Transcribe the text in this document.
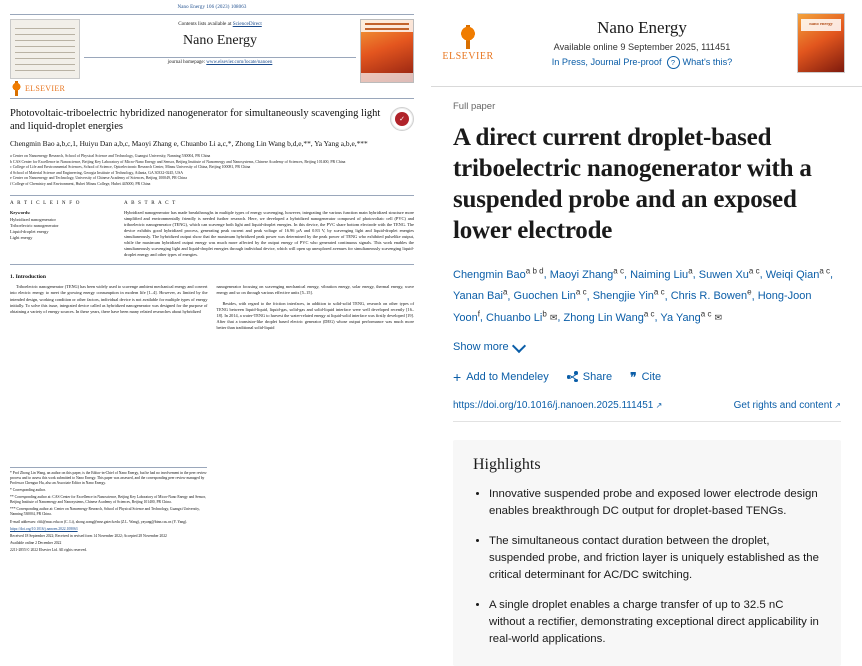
Nano Energy 106 (2023) 108063
ELSEVIER
Contents lists available at ScienceDirect
Nano Energy
journal homepage: www.elsevier.com/locate/nanoen
Photovoltaic-triboelectric hybridized nanogenerator for simultaneously scavenging light and liquid-droplet energies
✓
Chengmin Bao a,b,c,1, Huiyu Dan a,b,c, Maoyi Zhang e, Chuanbo Li a,c,*, Zhong Lin Wang b,d,e,**, Ya Yang a,b,e,***
a Center on Nanoenergy Research, School of Physical Science and Technology, Guangxi University, Nanning 530004, PR China
b CAS Center for Excellence in Nanoscience, Beijing Key Laboratory of Micro-Nano Energy and Sensor, Beijing Institute of Nanoenergy and Nanosystems, Chinese Academy of Sciences, Beijing 101400, PR China
c College of Life and Environmental Sciences, School of Science, Optoelectronic Research Center, Minzu University of China, Beijing 100081, PR China
d School of Material Science and Engineering, Georgia Institute of Technology, Atlanta, GA 30332-0245, USA
e Center on Nanoenergy and Technology, University of Chinese Academy of Sciences, Beijing 100049, PR China
f College of Chemistry and Environment, Hubei Minzu College, Hubei 445000, PR China
A R T I C L E I N F O
Keywords:
Hybridized nanogenerator
Triboelectric nanogenerator
Liquid-droplet energy
Light energy
A B S T R A C T
Hybridized nanogenerator has made breakthroughs in multiple types of energy scavenging, however, integrating the various function main hybridized structure more simplified and environmentally friendly is needed further research. Here, we developed a hybridized nanogenerator composed of photovoltaic cell (PVC) and triboelectric nanogenerator (TENG), which can scavenge both light and liquid-droplet energies. In this device, the PVC share bottom electrode with the TENG. The device exhibits good hybridized process, generating peak current and peak voltage of 16.96 µA and 0.83 V, by scavenging light and liquid-droplet energies simultaneously. The hybridized output show that the maximum hybridized peak power was determined by the peak power of TENG who exhibited pulselike output, while the maximum hybridized output energy was much more affected by the output energy of PVC who generated continuous signals. This work enables the simultaneously scavenging light and liquid-droplet energies through individual device, which will open up unexplored avenues for simultaneously scavenging liquid-droplet energy and other types of energies.
1. Introduction

Triboelectric nanogenerator (TENG) has been widely used to scavenge ambient mechanical energy and convert into electric energy to meet the growing energy consumption in modern life [1–4]. However, as limited by the intended design, working condition or other factors, individual device is not available for multiple types of energy initially. To solve this issue, integrated device called as hybridized nanogenerator was designed for the purpose of obtaining a variety of energy sources. In these years, there have been many related researches about hybridized

nanogenerator focusing on scavenging mechanical energy, vibration energy, solar energy, thermal energy, wave energy and so on through various effective units [5–15].

Besides, with regard to the friction interfaces, in addition to solid-solid TENG, research on other types of TENG between liquid-liquid, liquid-gas, solid-gas and solid-liquid interface were well developed recently [16–18]. In 2014, a water-TENG to harvest the water-related energy at liquid-solid interface was firstly developed [19]. After that a transistor-like droplet based electric generator (DEG) whose output performance was much more better than traditional solid-liquid

* Prof Zhong Lin Wang, an author on this paper, is the Editor-in-Chief of Nano Energy, but he had no involvement in the peer review process and to assess this work submitted to Nano Energy. This paper was assessed, and the corresponding peer review managed by Professor Chenguo Hu, also an Associate Editor in Nano Energy.
* Corresponding author.
** Corresponding author at: CAS Center for Excellence in Nanoscience, Beijing Key Laboratory of Micro-Nano Energy and Sensor, Beijing Institute of Nanoenergy and Nanosystems, Chinese Academy of Sciences, Beijing 101400, PR China.
*** Corresponding author at: Center on Nanoenergy Research, School of Physical Science and Technology, Guangxi University, Nanning 530004, PR China.
E-mail addresses: cbli@muc.edu.cn (C. Li), zhong.wang@mse.gatech.edu (Z.L. Wang), yayang@binn.cas.cn (Y. Yang).
https://doi.org/10.1016/j.nanoen.2022.108063
Received 18 September 2022; Received in revised form 14 November 2022; Accepted 28 November 2022
Available online 2 December 2022
2211-2855/© 2022 Elsevier Ltd. All rights reserved.
ELSEVIER
Nano Energy
Available online 9 September 2025, 111451
In Press, Journal Pre-proof	? What's this?
nano energy
Full paper
A direct current droplet-based triboelectric nanogenerator with a suspended probe and an exposed lower electrode
Chengmin Bao$^{a b d}$, Maoyi Zhang$^{a c}$, Naiming Liu$^a$, Suwen Xu$^{a c}$, Weiqi Qian$^{a c}$, Yanan Bai$^a$, Guochen Lin$^{a c}$, Shengjie Yin$^{a c}$, Chris R. Bowen$^e$, Hong-Joon Yoon$^f$, Chuanbo Li$^b$ ✉, Zhong Lin Wang$^{a c}$, Ya Yang$^{a c}$ ✉
Show more
+ Add to Mendeley	Share ❞ Cite
https://doi.org/10.1016/j.nanoen.2025.111451 ↗	Get rights and content ↗
Highlights
• Innovative suspended probe and exposed lower electrode design enables breakthrough DC output for droplet-based TENGs.
• The simultaneous contact duration between the droplet, suspended probe, and friction layer is uniquely established as the critical determinant for AC/DC switching.
• A single droplet enables a charge transfer of up to 32.5 nC without a rectifier, demonstrating exceptional direct applicability in real-world applications.
